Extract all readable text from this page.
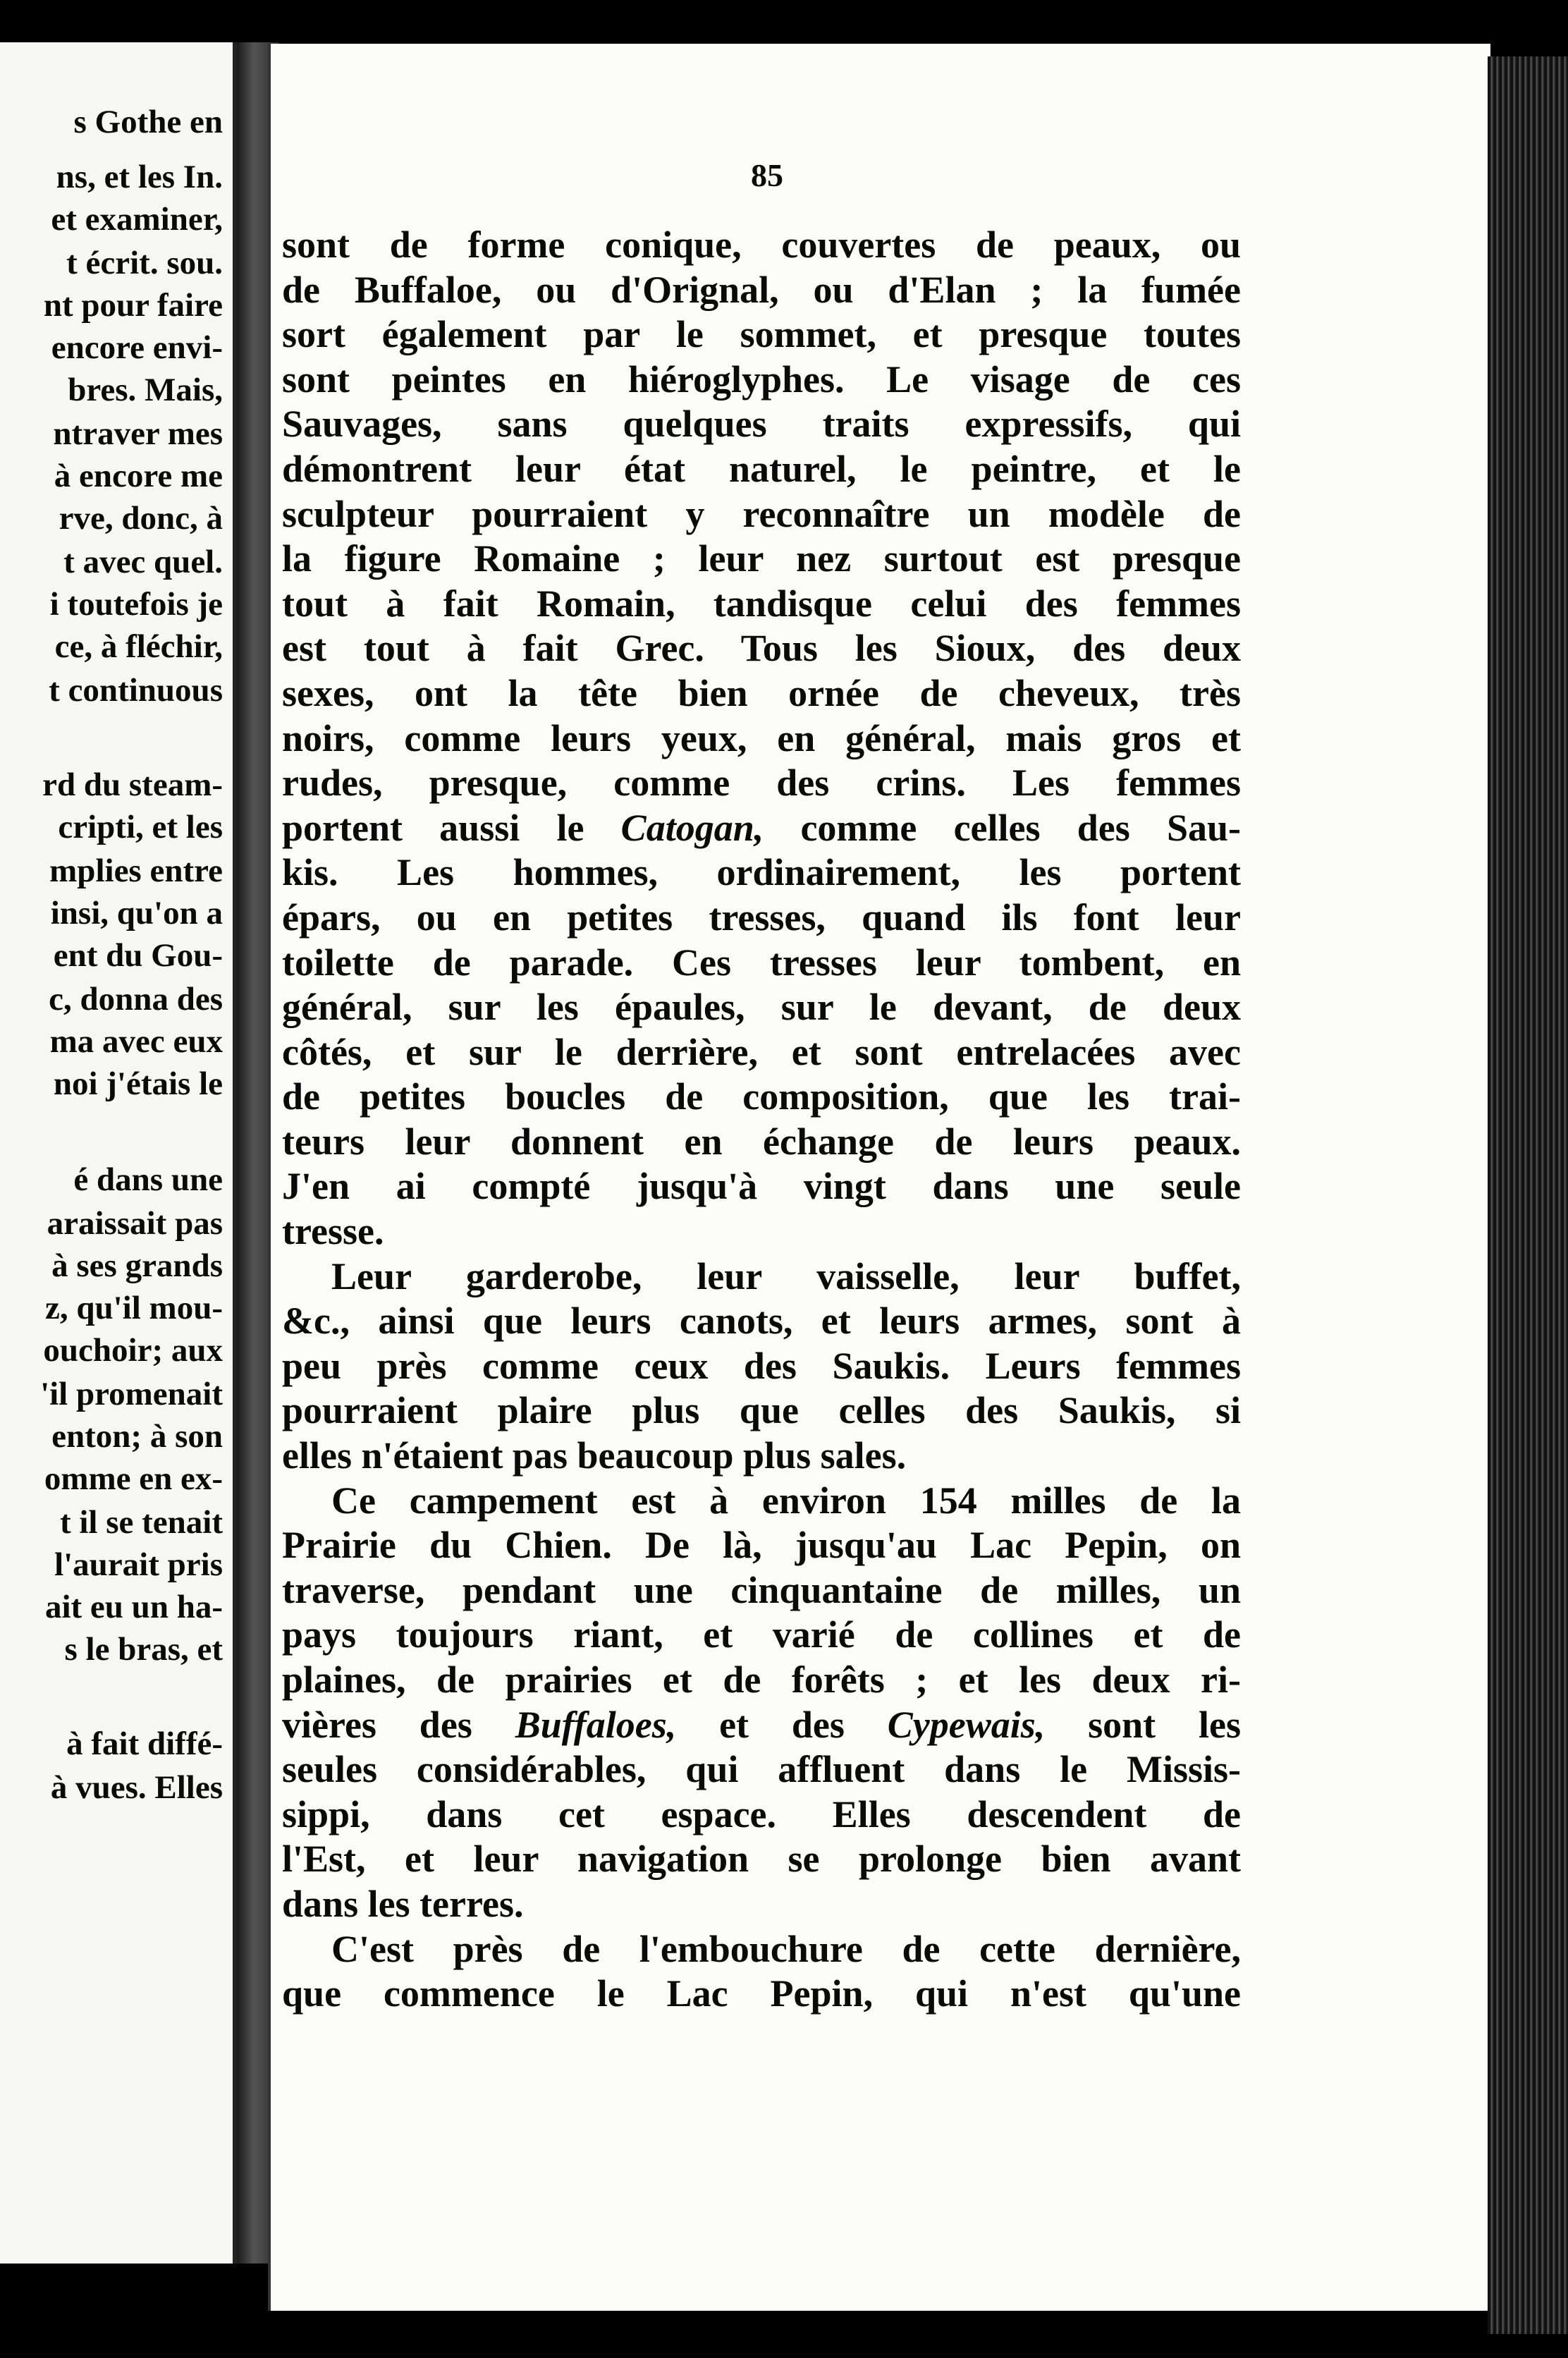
s Gothe en
ns, et les In.
et examiner,
t écrit. sou.
nt pour faire
encore envi-
bres. Mais,
ntraver mes
à encore me
rve, donc, à
t avec quel.
i toutefois je
ce, à fléchir,
t continuous
rd du steam-
cripti, et les
mplies entre
insi, qu'on a
ent du Gou-
c, donna des
ma avec eux
noi j'étais le
é dans une
araissait pas
à ses grands
z, qu'il mou-
ouchoir; aux
'il promenait
enton; à son
omme en ex-
t il se tenait
l'aurait pris
ait eu un ha-
s le bras, et
à fait diffé-
à vues. Elles
85
sont de forme conique, couvertes de peaux, ou
de Buffaloe, ou d'Orignal, ou d'Elan ; la fumée
sort également par le sommet, et presque toutes
sont peintes en hiéroglyphes. Le visage de ces
Sauvages, sans quelques traits expressifs, qui
démontrent leur état naturel, le peintre, et le
sculpteur pourraient y reconnaître un modèle de
la figure Romaine ; leur nez surtout est presque
tout à fait Romain, tandisque celui des femmes
est tout à fait Grec. Tous les Sioux, des deux
sexes, ont la tête bien ornée de cheveux, très
noirs, comme leurs yeux, en général, mais gros et
rudes, presque, comme des crins. Les femmes
portent aussi le Catogan, comme celles des Sau-
kis. Les hommes, ordinairement, les portent
épars, ou en petites tresses, quand ils font leur
toilette de parade. Ces tresses leur tombent, en
général, sur les épaules, sur le devant, de deux
côtés, et sur le derrière, et sont entrelacées avec
de petites boucles de composition, que les trai-
teurs leur donnent en échange de leurs peaux.
J'en ai compté jusqu'à vingt dans une seule
tresse.
Leur garderobe, leur vaisselle, leur buffet,
&c., ainsi que leurs canots, et leurs armes, sont à
peu près comme ceux des Saukis. Leurs femmes
pourraient plaire plus que celles des Saukis, si
elles n'étaient pas beaucoup plus sales.
Ce campement est à environ 154 milles de la
Prairie du Chien. De là, jusqu'au Lac Pepin, on
traverse, pendant une cinquantaine de milles, un
pays toujours riant, et varié de collines et de
plaines, de prairies et de forêts ; et les deux ri-
vières des Buffaloes, et des Cypewais, sont les
seules considérables, qui affluent dans le Missis-
sippi, dans cet espace. Elles descendent de
l'Est, et leur navigation se prolonge bien avant
dans les terres.
C'est près de l'embouchure de cette dernière,
que commence le Lac Pepin, qui n'est qu'une
